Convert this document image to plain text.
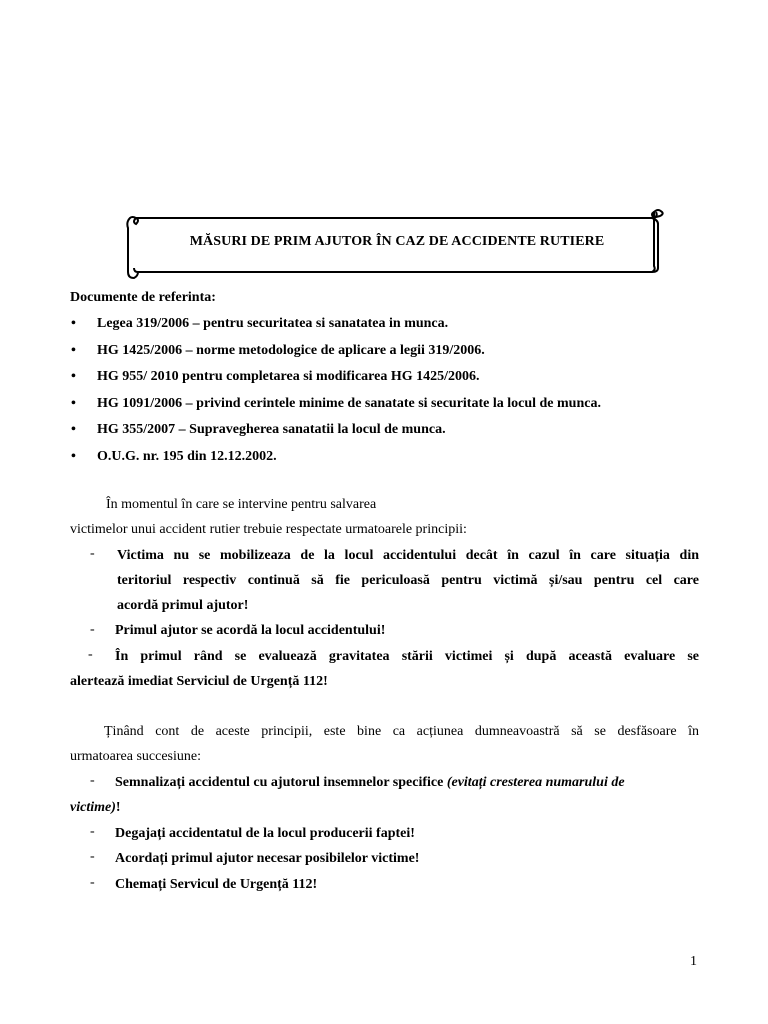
MĂSURI DE PRIM AJUTOR ÎN CAZ DE ACCIDENTE RUTIERE
Documente de referinta:
• Legea 319/2006 – pentru securitatea si sanatatea in munca.
• HG 1425/2006 – norme metodologice de aplicare a legii 319/2006.
• HG 955/ 2010 pentru completarea si modificarea HG 1425/2006.
• HG 1091/2006 – privind cerintele minime de sanatate si securitate la locul de munca.
• HG 355/2007 – Supravegherea sanatatii la locul de munca.
• O.U.G. nr. 195 din 12.12.2002.
În momentul în care se intervine pentru salvarea
victimelor unui accident rutier trebuie respectate urmatoarele principii:
- Victima nu se mobilizeaza de la locul accidentului decât în cazul în care situația din
teritoriul respectiv continuă să fie periculoasă pentru victimă și/sau pentru cel care
acordă primul ajutor!
- Primul ajutor se acordă la locul accidentului!
- În primul rând se evaluează gravitatea stării victimei și după această evaluare se
alertează imediat Serviciul de Urgență 112!
Ținând cont de aceste principii, este bine ca acțiunea dumneavoastră să se desfăsoare în
urmatoarea succesiune:
- Semnalizați accidentul cu ajutorul insemnelor specifice (evitați cresterea numarului de
victime)!
- Degajați accidentatul de la locul producerii faptei!
- Acordați primul ajutor necesar posibilelor victime!
- Chemați Servicul de Urgență 112!
1
